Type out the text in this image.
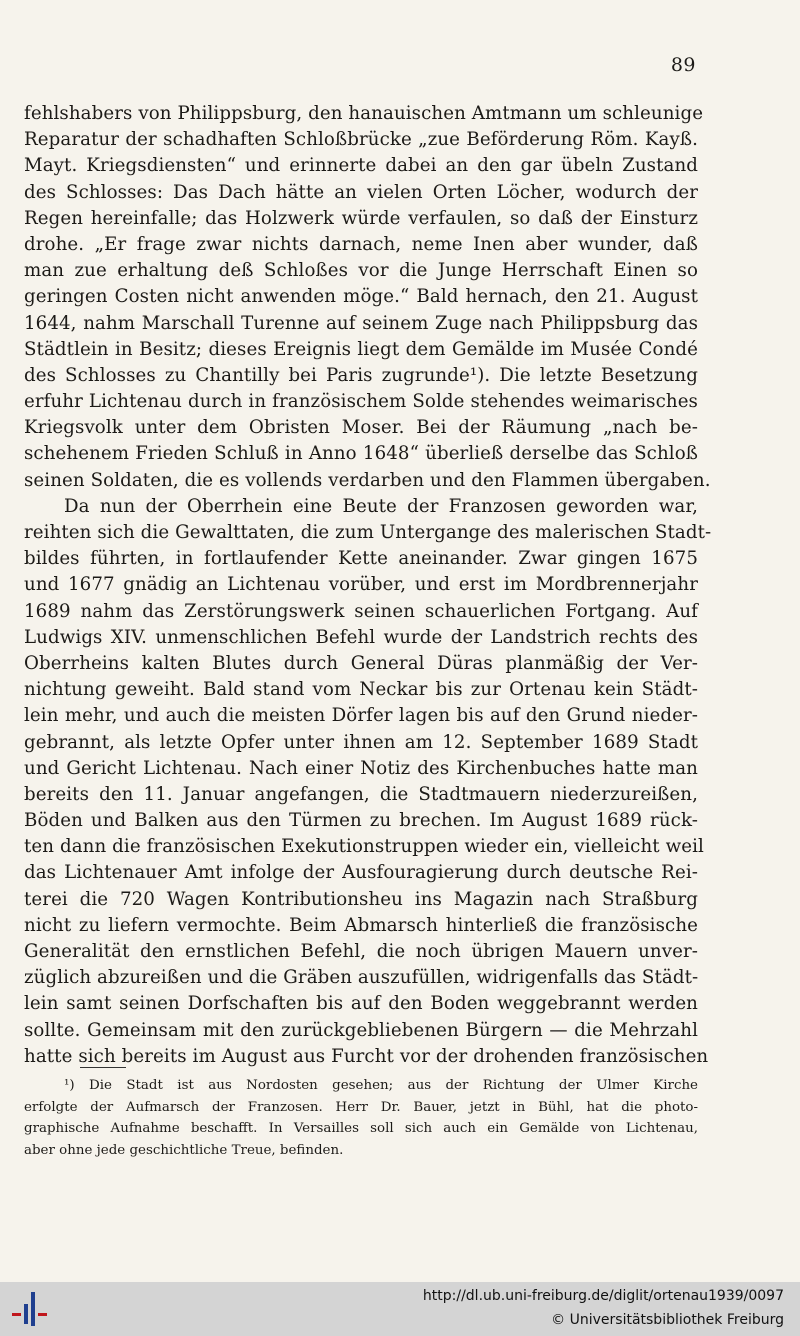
89
fehlshabers von Philippsburg, den hanauischen Amtmann um schleunige
Reparatur der schadhaften Schloßbrücke „zue Beförderung Röm. Kayß.
Mayt. Kriegsdiensten“ und erinnerte dabei an den gar übeln Zustand
des Schlosses: Das Dach hätte an vielen Orten Löcher, wodurch der
Regen hereinfalle; das Holzwerk würde verfaulen, so daß der Einsturz
drohe. „Er frage zwar nichts darnach, neme Inen aber wunder, daß
man zue erhaltung deß Schloßes vor die Junge Herrschaft Einen so
geringen Costen nicht anwenden möge.“ Bald hernach, den 21. August
1644, nahm Marschall Turenne auf seinem Zuge nach Philippsburg das
Städtlein in Besitz; dieses Ereignis liegt dem Gemälde im Musée Condé
des Schlosses zu Chantilly bei Paris zugrunde¹). Die letzte Besetzung
erfuhr Lichtenau durch in französischem Solde stehendes weimarisches
Kriegsvolk unter dem Obristen Moser. Bei der Räumung „nach be-
schehenem Frieden Schluß in Anno 1648“ überließ derselbe das Schloß
seinen Soldaten, die es vollends verdarben und den Flammen übergaben.
Da nun der Oberrhein eine Beute der Franzosen geworden war,
reihten sich die Gewalttaten, die zum Untergange des malerischen Stadt-
bildes führten, in fortlaufender Kette aneinander. Zwar gingen 1675
und 1677 gnädig an Lichtenau vorüber, und erst im Mordbrennerjahr
1689 nahm das Zerstörungswerk seinen schauerlichen Fortgang. Auf
Ludwigs XIV. unmenschlichen Befehl wurde der Landstrich rechts des
Oberrheins kalten Blutes durch General Düras planmäßig der Ver-
nichtung geweiht. Bald stand vom Neckar bis zur Ortenau kein Städt-
lein mehr, und auch die meisten Dörfer lagen bis auf den Grund nieder-
gebrannt, als letzte Opfer unter ihnen am 12. September 1689 Stadt
und Gericht Lichtenau. Nach einer Notiz des Kirchenbuches hatte man
bereits den 11. Januar angefangen, die Stadtmauern niederzureißen,
Böden und Balken aus den Türmen zu brechen. Im August 1689 rück-
ten dann die französischen Exekutionstruppen wieder ein, vielleicht weil
das Lichtenauer Amt infolge der Ausfouragierung durch deutsche Rei-
terei die 720 Wagen Kontributionsheu ins Magazin nach Straßburg
nicht zu liefern vermochte. Beim Abmarsch hinterließ die französische
Generalität den ernstlichen Befehl, die noch übrigen Mauern unver-
züglich abzureißen und die Gräben auszufüllen, widrigenfalls das Städt-
lein samt seinen Dorfschaften bis auf den Boden weggebrannt werden
sollte. Gemeinsam mit den zurückgebliebenen Bürgern — die Mehrzahl
hatte sich bereits im August aus Furcht vor der drohenden französischen
¹) Die Stadt ist aus Nordosten gesehen; aus der Richtung der Ulmer Kirche
erfolgte der Aufmarsch der Franzosen. Herr Dr. Bauer, jetzt in Bühl, hat die photo-
graphische Aufnahme beschafft. In Versailles soll sich auch ein Gemälde von Lichtenau,
aber ohne jede geschichtliche Treue, befinden.
http://dl.ub.uni-freiburg.de/diglit/ortenau1939/0097
© Universitätsbibliothek Freiburg
